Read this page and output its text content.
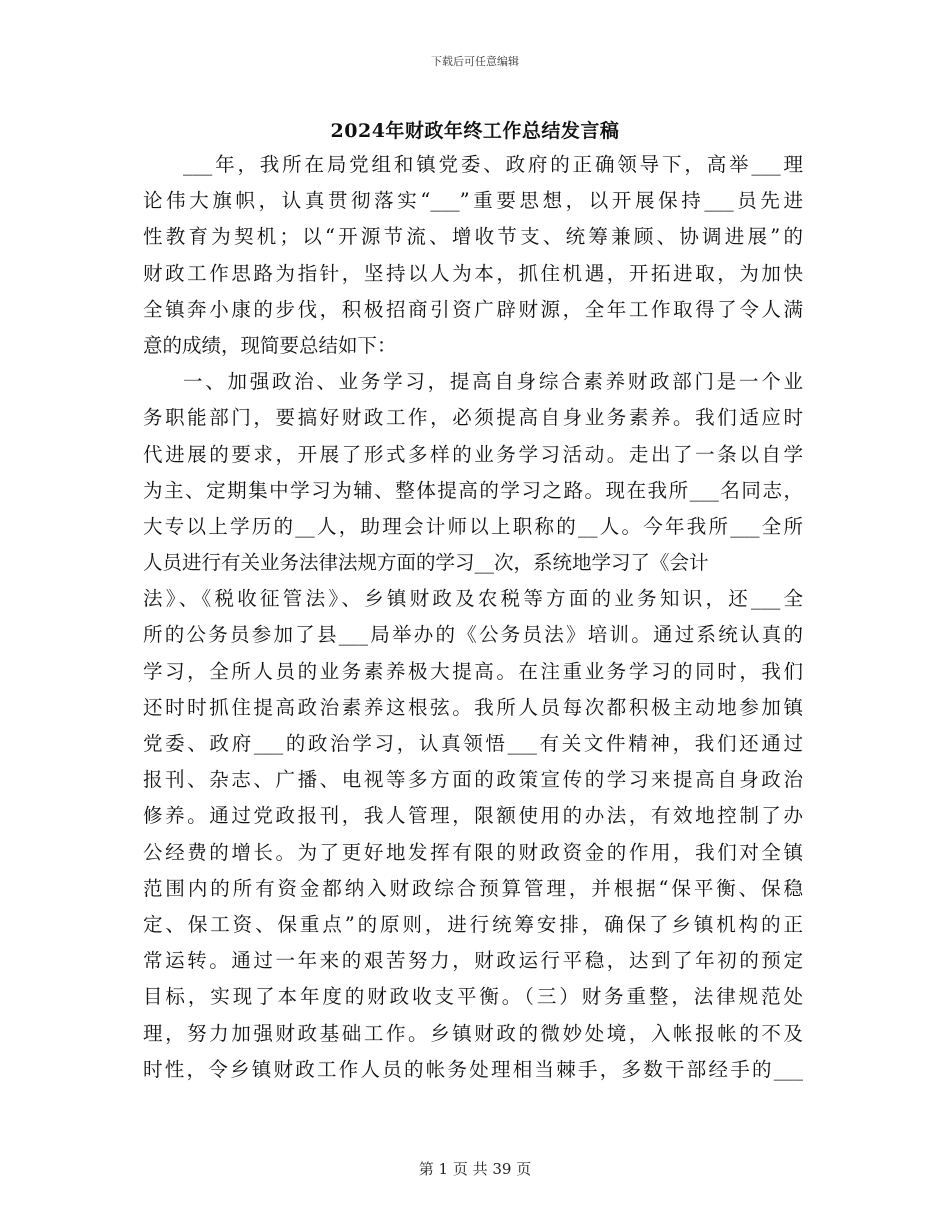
下载后可任意编辑
2024年财政年终工作总结发言稿
___年，我所在局党组和镇党委、政府的正确领导下，高举___理
论伟大旗帜，认真贯彻落实“___”重要思想，以开展保持___员先进
性教育为契机；以“开源节流、增收节支、统筹兼顾、协调进展”的
财政工作思路为指针，坚持以人为本，抓住机遇，开拓进取，为加快
全镇奔小康的步伐，积极招商引资广辟财源，全年工作取得了令人满
意的成绩，现简要总结如下：
一、加强政治、业务学习，提高自身综合素养财政部门是一个业
务职能部门，要搞好财政工作，必须提高自身业务素养。我们适应时
代进展的要求，开展了形式多样的业务学习活动。走出了一条以自学
为主、定期集中学习为辅、整体提高的学习之路。现在我所___名同志，
大专以上学历的__人，助理会计师以上职称的__人。今年我所___全所
人员进行有关业务法律法规方面的学习__次，系统地学习了《会计
法》、《税收征管法》、乡镇财政及农税等方面的业务知识，还___全
所的公务员参加了县___局举办的《公务员法》培训。通过系统认真的
学习，全所人员的业务素养极大提高。在注重业务学习的同时，我们
还时时抓住提高政治素养这根弦。我所人员每次都积极主动地参加镇
党委、政府___的政治学习，认真领悟___有关文件精神，我们还通过
报刊、杂志、广播、电视等多方面的政策宣传的学习来提高自身政治
修养。通过党政报刊，我人管理，限额使用的办法，有效地控制了办
公经费的增长。为了更好地发挥有限的财政资金的作用，我们对全镇
范围内的所有资金都纳入财政综合预算管理，并根据“保平衡、保稳
定、保工资、保重点”的原则，进行统筹安排，确保了乡镇机构的正
常运转。通过一年来的艰苦努力，财政运行平稳，达到了年初的预定
目标，实现了本年度的财政收支平衡。（三）财务重整，法律规范处
理，努力加强财政基础工作。乡镇财政的微妙处境，入帐报帐的不及
时性，令乡镇财政工作人员的帐务处理相当棘手，多数干部经手的___
第 1 页 共 39 页
